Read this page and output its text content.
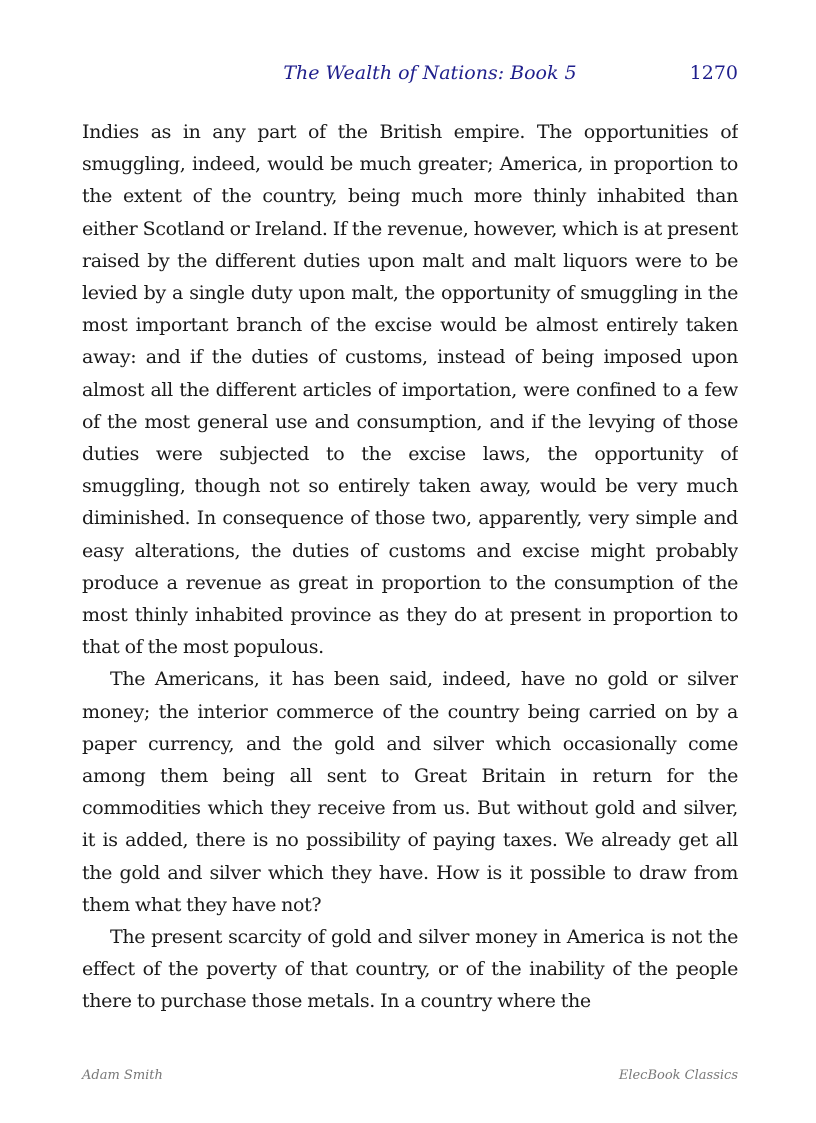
The Wealth of Nations: Book 5	1270

Indies as in any part of the British empire. The opportunities of smuggling, indeed, would be much greater; America, in proportion to the extent of the country, being much more thinly inhabited than either Scotland or Ireland. If the revenue, however, which is at present raised by the different duties upon malt and malt liquors were to be levied by a single duty upon malt, the opportunity of smuggling in the most important branch of the excise would be almost entirely taken away: and if the duties of customs, instead of being imposed upon almost all the different articles of importation, were confined to a few of the most general use and consumption, and if the levying of those duties were subjected to the excise laws, the opportunity of smuggling, though not so entirely taken away, would be very much diminished. In consequence of those two, apparently, very simple and easy alterations, the duties of customs and excise might probably produce a revenue as great in proportion to the consumption of the most thinly inhabited province as they do at present in proportion to that of the most populous.

The Americans, it has been said, indeed, have no gold or silver money; the interior commerce of the country being carried on by a paper currency, and the gold and silver which occasionally come among them being all sent to Great Britain in return for the commodities which they receive from us. But without gold and silver, it is added, there is no possibility of paying taxes. We already get all the gold and silver which they have. How is it possible to draw from them what they have not?

The present scarcity of gold and silver money in America is not the effect of the poverty of that country, or of the inability of the people there to purchase those metals. In a country where the

Adam Smith	ElecBook Classics
